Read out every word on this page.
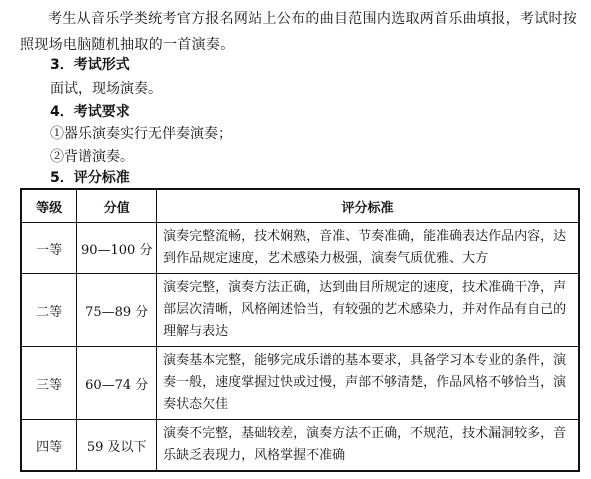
考生从音乐学类统考官方报名网站上公布的曲目范围内选取两首乐曲填报，考试时按照现场电脑随机抽取的一首演奏。

3．考试形式

面试，现场演奏。

4．考试要求

①器乐演奏实行无伴奏演奏；

②背谱演奏。

5．评分标准

等级	分值	评分标准
一等	90—100 分	演奏完整流畅，技术娴熟，音准、节奏准确，能准确表达作品内容，达到作品规定速度，艺术感染力极强，演奏气质优雅、大方
二等	75—89 分	演奏完整，演奏方法正确，达到曲目所规定的速度，技术准确干净，声部层次清晰，风格阐述恰当，有较强的艺术感染力，并对作品有自己的理解与表达
三等	60—74 分	演奏基本完整，能够完成乐谱的基本要求，具备学习本专业的条件，演奏一般，速度掌握过快或过慢，声部不够清楚，作品风格不够恰当，演奏状态欠佳
四等	59 及以下	演奏不完整，基础较差，演奏方法不正确，不规范，技术漏洞较多，音乐缺乏表现力，风格掌握不准确
